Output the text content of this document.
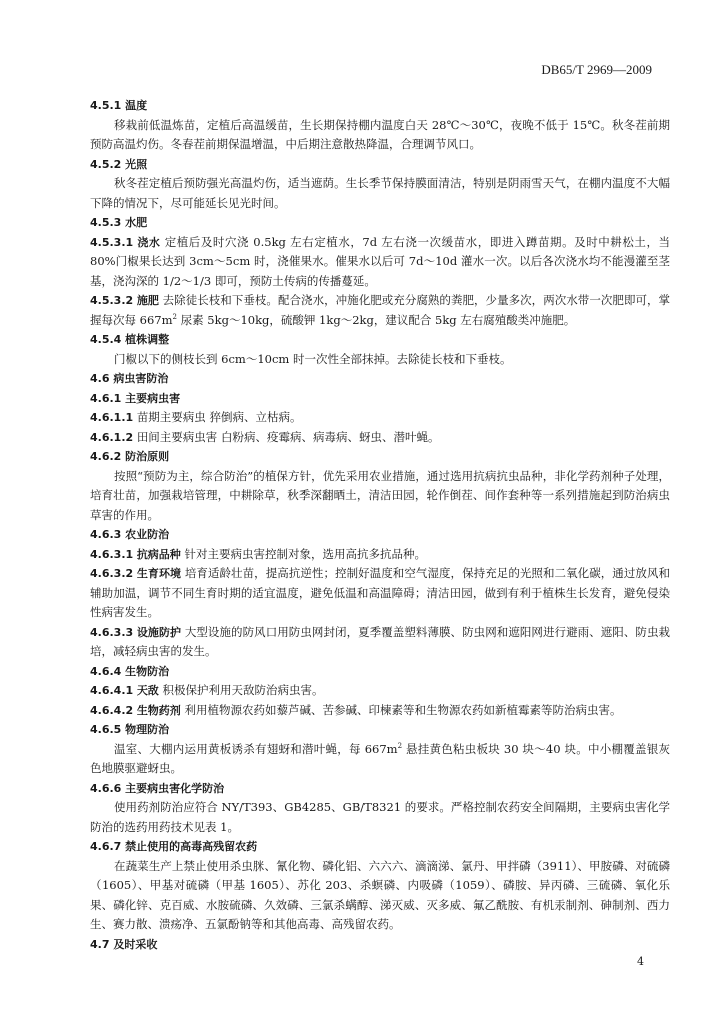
DB65/T 2969—2009
4.5.1 温度
移栽前低温炼苗，定植后高温缓苗，生长期保持棚内温度白天 28℃～30℃，夜晚不低于 15℃。秋冬茬前期预防高温灼伤。冬春茬前期保温增温，中后期注意散热降温，合理调节风口。
4.5.2 光照
秋冬茬定植后预防强光高温灼伤，适当遮荫。生长季节保持膜面清洁，特别是阴雨雪天气，在棚内温度不大幅下降的情况下，尽可能延长见光时间。
4.5.3 水肥
4.5.3.1 浇水 定植后及时穴浇 0.5kg 左右定植水，7d 左右浇一次缓苗水，即进入蹲苗期。及时中耕松土，当 80%门椒果长达到 3cm～5cm 时，浇催果水。催果水以后可 7d～10d 灌水一次。以后各次浇水均不能漫灌至茎基，浇沟深的 1/2～1/3 即可，预防土传病的传播蔓延。
4.5.3.2 施肥 去除徒长枝和下垂枝。配合浇水，冲施化肥或充分腐熟的粪肥，少量多次，两次水带一次肥即可，掌握每次每 $667m^2$ 尿素 5kg～10kg，硫酸钾 1kg～2kg，建议配合 5kg 左右腐殖酸类冲施肥。
4.5.4 植株调整
门椒以下的侧枝长到 6cm～10cm 时一次性全部抹掉。去除徒长枝和下垂枝。
4.6 病虫害防治
4.6.1 主要病虫害
4.6.1.1 苗期主要病虫 猝倒病、立枯病。
4.6.1.2 田间主要病虫害 白粉病、疫霉病、病毒病、蚜虫、潜叶蝇。
4.6.2 防治原则
按照“预防为主，综合防治”的植保方针，优先采用农业措施，通过选用抗病抗虫品种，非化学药剂种子处理，培育壮苗，加强栽培管理，中耕除草，秋季深翻晒土，清洁田园，轮作倒茬、间作套种等一系列措施起到防治病虫草害的作用。
4.6.3 农业防治
4.6.3.1 抗病品种 针对主要病虫害控制对象，选用高抗多抗品种。
4.6.3.2 生育环境 培育适龄壮苗，提高抗逆性；控制好温度和空气湿度，保持充足的光照和二氧化碳，通过放风和辅助加温，调节不同生育时期的适宜温度，避免低温和高温障碍；清洁田园，做到有利于植株生长发育，避免侵染性病害发生。
4.6.3.3 设施防护 大型设施的防风口用防虫网封闭，夏季覆盖塑料薄膜、防虫网和遮阳网进行避雨、遮阳、防虫栽培，减轻病虫害的发生。
4.6.4 生物防治
4.6.4.1 天敌 积极保护利用天敌防治病虫害。
4.6.4.2 生物药剂 利用植物源农药如藜芦碱、苦参碱、印楝素等和生物源农药如新植霉素等防治病虫害。
4.6.5 物理防治
温室、大棚内运用黄板诱杀有翅蚜和潜叶蝇，每 $667m^2$ 悬挂黄色粘虫板块 30 块～40 块。中小棚覆盖银灰色地膜驱避蚜虫。
4.6.6 主要病虫害化学防治
使用药剂防治应符合 NY/T393、GB4285、GB/T8321 的要求。严格控制农药安全间隔期，主要病虫害化学防治的选药用药技术见表 1。
4.6.7 禁止使用的高毒高残留农药
在蔬菜生产上禁止使用杀虫脒、氰化物、磷化铝、六六六、滴滴涕、氯丹、甲拌磷（3911）、甲胺磷、对硫磷（1605）、甲基对硫磷（甲基 1605）、苏化 203、杀螟磷、内吸磷（1059）、磷胺、异丙磷、三硫磷、氧化乐果、磷化锌、克百威、水胺硫磷、久效磷、三氯杀螨醇、涕灭威、灭多威、氟乙酰胺、有机汞制剂、砷制剂、西力生、赛力散、溃疡净、五氯酚钠等和其他高毒、高残留农药。
4.7 及时采收
4
